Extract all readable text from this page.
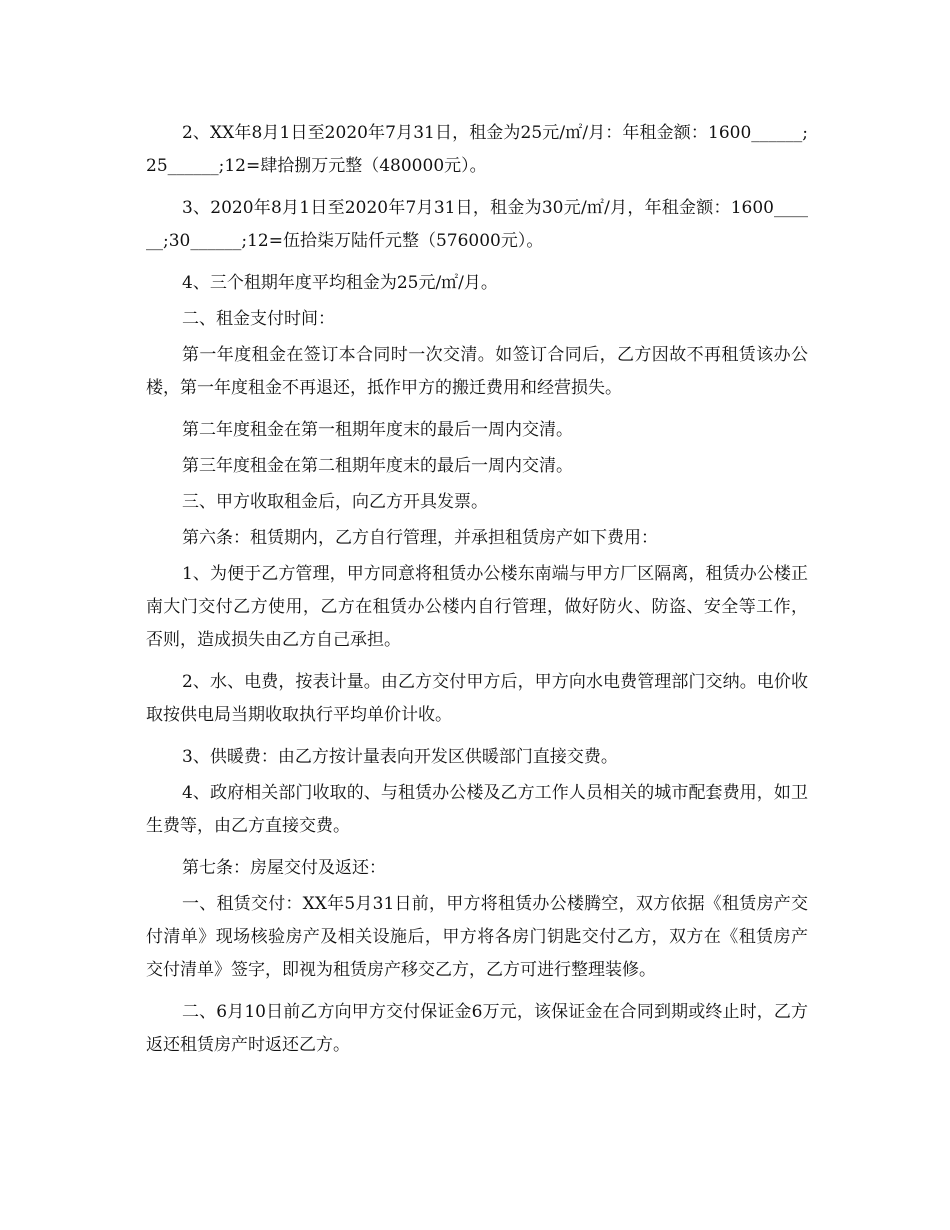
2、XX年8月1日至2020年7月31日，租金为25元/㎡/月：年租金额：1600______;25______;12=肆拾捌万元整（480000元）。

3、2020年8月1日至2020年7月31日，租金为30元/㎡/月，年租金额：1600______;30______;12=伍拾柒万陆仟元整（576000元）。

4、三个租期年度平均租金为25元/㎡/月。

二、租金支付时间：

第一年度租金在签订本合同时一次交清。如签订合同后，乙方因故不再租赁该办公楼，第一年度租金不再退还，抵作甲方的搬迁费用和经营损失。

第二年度租金在第一租期年度末的最后一周内交清。

第三年度租金在第二租期年度末的最后一周内交清。

三、甲方收取租金后，向乙方开具发票。

第六条：租赁期内，乙方自行管理，并承担租赁房产如下费用：

1、为便于乙方管理，甲方同意将租赁办公楼东南端与甲方厂区隔离，租赁办公楼正南大门交付乙方使用，乙方在租赁办公楼内自行管理，做好防火、防盗、安全等工作，否则，造成损失由乙方自己承担。

2、水、电费，按表计量。由乙方交付甲方后，甲方向水电费管理部门交纳。电价收取按供电局当期收取执行平均单价计收。

3、供暖费：由乙方按计量表向开发区供暖部门直接交费。

4、政府相关部门收取的、与租赁办公楼及乙方工作人员相关的城市配套费用，如卫生费等，由乙方直接交费。

第七条：房屋交付及返还：

一、租赁交付：XX年5月31日前，甲方将租赁办公楼腾空，双方依据《租赁房产交付清单》现场核验房产及相关设施后，甲方将各房门钥匙交付乙方，双方在《租赁房产交付清单》签字，即视为租赁房产移交乙方，乙方可进行整理装修。

二、6月10日前乙方向甲方交付保证金6万元，该保证金在合同到期或终止时，乙方返还租赁房产时返还乙方。
